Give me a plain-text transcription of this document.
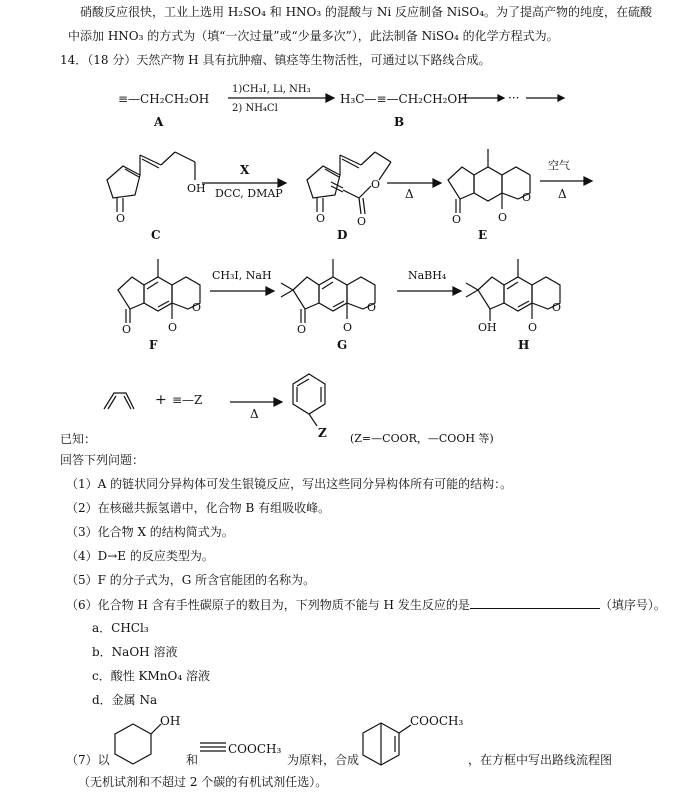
硝酸反应很快，工业上选用 H₂SO₄ 和 HNO₃ 的混酸与 Ni 反应制备 NiSO₄。为了提高产物的纯度，在硫酸
中添加 HNO₃ 的方式为（填“一次过量”或“少量多次”），此法制备 NiSO₄ 的化学方程式为。
14．（18 分）天然产物 H 具有抗肿瘤、镇痉等生物活性，可通过以下路线合成。
≡—CH₂CH₂OH
1)CH₃I, Li, NH₃
2) NH₄Cl
H₃C—≡—CH₂CH₂OH	···
A	B
O
OH
C
X
DCC, DMAP
O
O
O
D
Δ
O
O
O
E
空气
Δ
O
O
O
F
CH₃I, NaH
O
O
O
G
NaBH₄
OH
O
O
H
+ ≡—Z
Δ
Z (Z=—COOR，—COOH 等)
已知：
回答下列问题：
（1）A 的链状同分异构体可发生银镜反应，写出这些同分异构体所有可能的结构：。
（2）在核磁共振氢谱中，化合物 B 有组吸收峰。
（3）化合物 X 的结构简式为。
（4）D→E 的反应类型为。
（5）F 的分子式为，G 所含官能团的名称为。
（6）化合物 H 含有手性碳原子的数目为，下列物质不能与 H 发生反应的是	（填序号）。
a．CHCl₃
b．NaOH 溶液
c．酸性 KMnO₄ 溶液
d．金属 Na
（7）以
OH
和
COOCH₃
为原料，合成
COOCH₃
，在方框中写出路线流程图
（无机试剂和不超过 2 个碳的有机试剂任选）。
